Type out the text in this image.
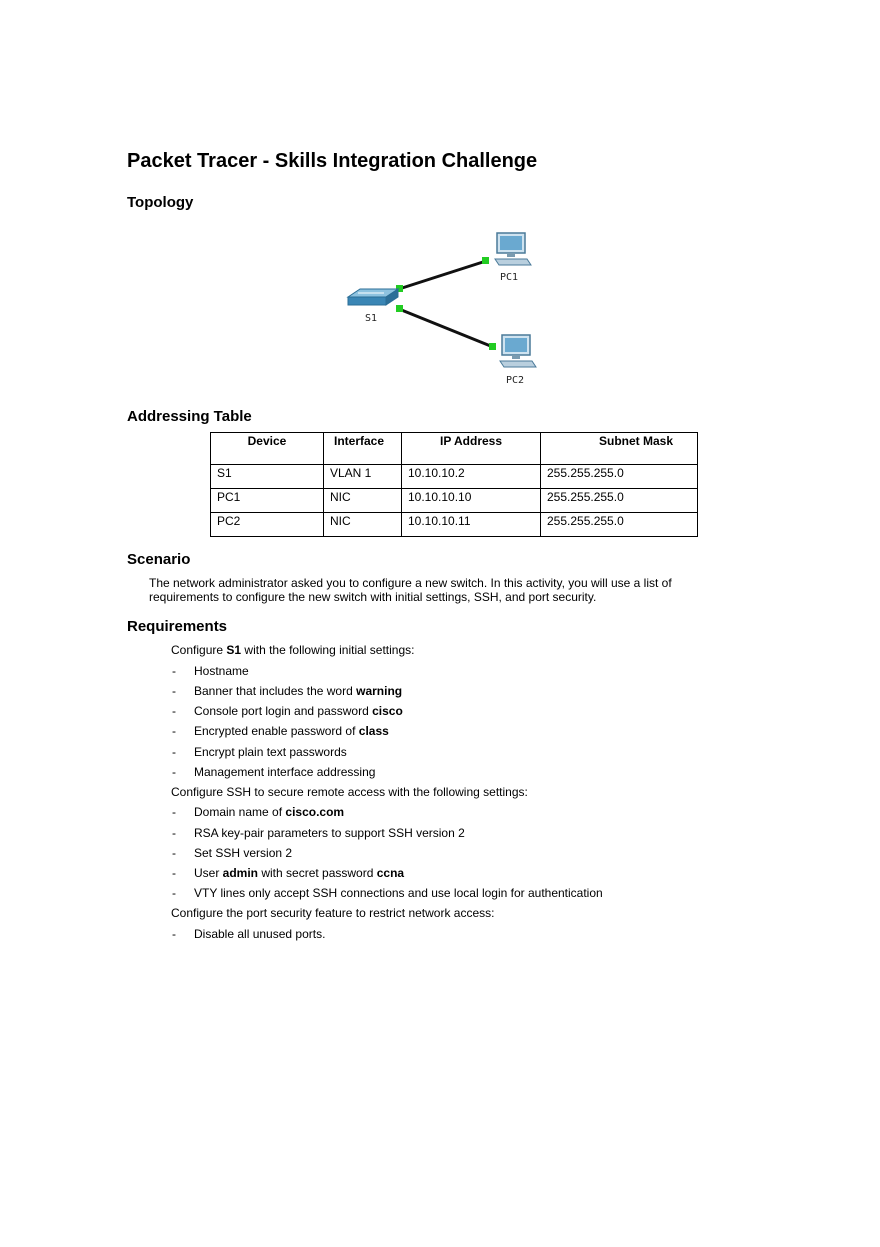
Packet Tracer - Skills Integration Challenge
Topology
S1
PC1
PC2
Addressing Table
Device	Interface	IP Address	Subnet Mask
S1	VLAN 1	10.10.10.2	255.255.255.0
PC1	NIC	10.10.10.10	255.255.255.0
PC2	NIC	10.10.10.11	255.255.255.0
Scenario

The network administrator asked you to configure a new switch. In this activity, you will use a list of requirements to configure the new switch with initial settings, SSH, and port security.

Requirements
Configure S1 with the following initial settings:
- Hostname
- Banner that includes the word warning
- Console port login and password cisco
- Encrypted enable password of class
- Encrypt plain text passwords
- Management interface addressing
Configure SSH to secure remote access with the following settings:
- Domain name of cisco.com
- RSA key-pair parameters to support SSH version 2
- Set SSH version 2
- User admin with secret password ccna
- VTY lines only accept SSH connections and use local login for authentication
Configure the port security feature to restrict network access:
- Disable all unused ports.
